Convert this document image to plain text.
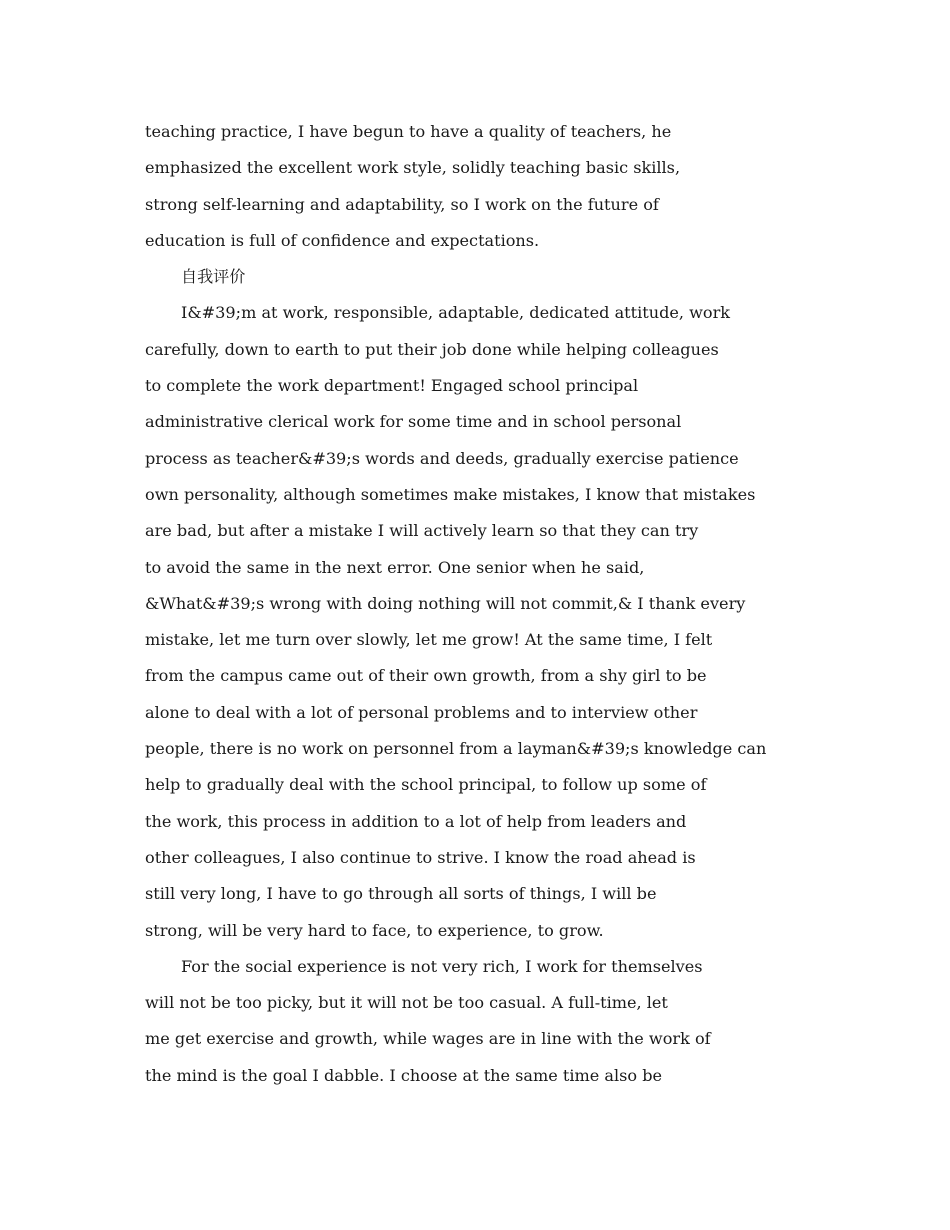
teaching practice, I have begun to have a quality of teachers, he
emphasized the excellent work style, solidly teaching basic skills,
strong self-learning and adaptability, so I work on the future of
education is full of confidence and expectations.
自我评价
I&#39;m at work, responsible, adaptable, dedicated attitude, work
carefully, down to earth to put their job done while helping colleagues
to complete the work department! Engaged school principal
administrative clerical work for some time and in school personal
process as teacher&#39;s words and deeds, gradually exercise patience
own personality, although sometimes make mistakes, I know that mistakes
are bad, but after a mistake I will actively learn so that they can try
to avoid the same in the next error. One senior when he said,
&What&#39;s wrong with doing nothing will not commit,& I thank every
mistake, let me turn over slowly, let me grow! At the same time, I felt
from the campus came out of their own growth, from a shy girl to be
alone to deal with a lot of personal problems and to interview other
people, there is no work on personnel from a layman&#39;s knowledge can
help to gradually deal with the school principal, to follow up some of
the work, this process in addition to a lot of help from leaders and
other colleagues, I also continue to strive. I know the road ahead is
still very long, I have to go through all sorts of things, I will be
strong, will be very hard to face, to experience, to grow.
For the social experience is not very rich, I work for themselves
will not be too picky, but it will not be too casual. A full-time, let
me get exercise and growth, while wages are in line with the work of
the mind is the goal I dabble. I choose at the same time also be
